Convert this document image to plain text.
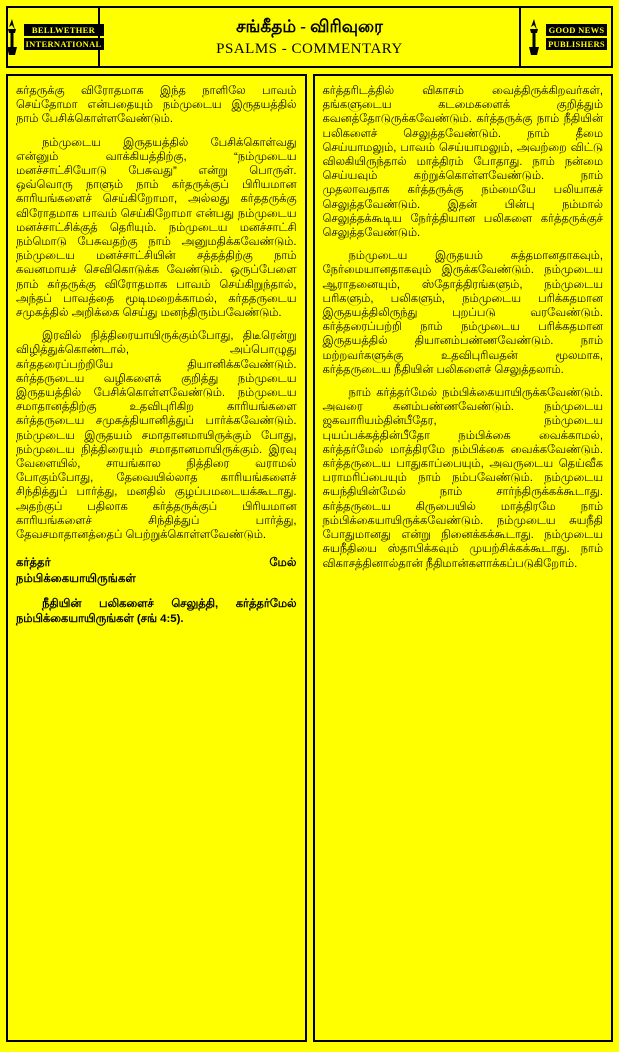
BELLWETHER
INTERNATIONAL
சங்கீதம் - விரிவுரை
PSALMS - COMMENTARY
GOOD NEWS
PUBLISHERS

கர்தருக்கு விரோதமாக இந்த நாளிலே பாவம் செய்தோமா என்பதையும் நம்முடைய இருதயத்தில் நாம் பேசிக்கொள்ளவேண்டும்.

நம்முடைய இருதயத்தில் பேசிக்கொள்வது என்னும் வாக்கியத்திற்கு, “நம்முடைய மனச்சாட்சியோடு பேசுவது” என்று பொருள். ஒவ்வொரு நாளும் நாம் கர்தருக்குப் பிரியமான காரியங்களைச் செய்கிறோமா, அல்லது கர்ததருக்கு விரோதமாக பாவம் செய்கிறோமா என்பது நம்முடைய மனச்சாட்சிக்குத் தெரியும். நம்முடைய மனச்சாட்சி நம்மொடு பேசுவதற்கு நாம் அனுமதிக்கவேண்டும். நம்முடைய மனச்சாட்சியின் சத்தத்திற்கு நாம் கவனமாயச் செவிகொடுக்க வேண்டும். ஒருப்பேளை நாம் கர்தருக்கு விரோதமாக பாவம் செய்கிறுந்தால், அந்தப் பாவத்தை மூடிமறைக்காமல், கர்ததருடைய சமுகத்தில் அறிக்கை செய்து மனந்திரும்பவேண்டும்.

இரவில் நித்திரையாயிருக்கும்போது, திடீரென்று விழித்துக்கொண்டால், அப்பொழுது கர்ததரைப்பற்றியே தியானிக்கவேண்டும். கர்த்தருடைய வழிகளைக் குறித்து நம்முடைய இருதயத்தில் பேசிக்கொள்ளவேண்டும். நம்முடைய சமாதானத்திற்கு உதவிபுரிகிற காரியங்களை கர்த்தருடைய சமுகத்தியானித்துப் பார்க்கவேண்டும். நம்முடைய இருதயம் சமாதானமாயிருக்கும் போது, நம்முடைய நித்திரையும் சமாதானமாயிருக்கும். இரவு வேளையில், சாயங்கால நித்திரை வராமல் போகும்போது, தேவையில்லாத காரியங்களைச் சிந்தித்துப் பார்த்து, மனதில் குழப்பமடையக்கூடாது. அதற்குப் பதிலாக கர்த்தருக்குப் பிரியமான காரியங்களைச் சிந்தித்துப் பார்த்து, தேவசமாதானத்தைப் பெற்றுக்கொள்ளவேண்டும்.

கர்த்தர்	மேல்
நம்பிக்கையாயிருங்கள்

நீதியின் பலிகளைச் செலுத்தி, கர்த்தர்மேல் நம்பிக்கையாயிருங்கள் (சங் 4:5).

கர்த்தரிடத்தில் விகாசம் வைத்திருக்கிறவர்கள், தங்களுடைய கடமைகளைக் குறித்தும் கவனத்தோடுருக்கவேண்டும். கர்த்தருக்கு நாம் நீதியின் பலிகளைச் செலுத்தவேண்டும். நாம் தீமை செய்யாமலும், பாவம் செய்யாமலும், அவற்றை விட்டு விலகியிருந்தால் மாத்திரம் போதாது. நாம் நன்மை செய்யவும் கற்றுக்கொள்ளவேண்டும். நாம் முதலாவதாக கர்த்தருக்கு நம்மையே பலியாகச் செலுத்தவேண்டும். இதன் பின்பு நம்மால் செலுத்தக்கூடிய நேர்த்தியான பலிகளை கர்த்தருக்குச் செலுத்தவேண்டும்.

நம்முடைய இருதயம் சுத்தமானதாகவும், நேர்மையானதாகவும் இருக்கவேண்டும். நம்முடைய ஆராதனையும், ஸ்தோத்திரங்களும், நம்முடைய பரிகளும், பலிகளும், நம்முடைய பரிக்கதமான இருதயத்திலிருந்து புறப்படு வரவேண்டும். கர்த்தரைப்பற்றி நாம் நம்முடைய பரிக்கதமான இருதயத்தில் தியானம்பண்ணவேண்டும். நாம் மற்றவர்களுக்கு உதவிபுரிவதன் மூலமாக, கர்த்தருடைய நீதியின் பலிகளைச் செலுத்தலாம்.

நாம் கர்த்தர்மேல் நம்பிக்கையாயிருக்கவேண்டும். அவரை கனம்பண்ணவேண்டும். நம்முடைய ஜகவாரியம்தின்பீதேர, நம்முடைய புயப்பக்கத்தின்பீதோ நம்பிக்கை வைக்காமல், கர்த்தர்மேல் மாத்திரமே நம்பிக்கை வைக்கவேண்டும். கர்த்தருடைய பாதுகாப்பையும், அவருடைய தெய்வீக பராமரிப்பையும் நாம் நம்பவேண்டும். நம்முடைய சுயந்தியின்மேல் நாம் சார்ந்திருக்கக்கூடாது. கர்த்தருடைய கிருபையில் மாத்திரமே நாம் நம்பிக்கையாயிருக்கவேண்டும். நம்முடைய சுயநீதி போதுமானது என்று நினைக்கக்கூடாது. நம்முடைய சுயநீதியை ஸ்தாபிக்கவும் முயற்சிக்கக்கூடாது. நாம் விகாசத்தினால்தான் நீதிமான்களாக்கப்படுகிறோம்.
